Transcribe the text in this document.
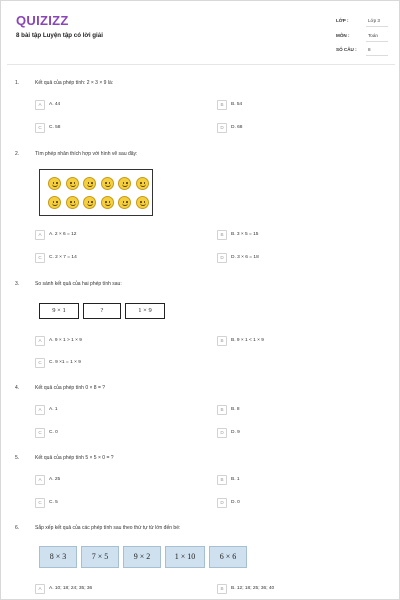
QUIZIZZ
8 bài tập Luyện tập có lời giải
LỚP :	Lớp 3
MÔN :	Toán
SỐ CÂU : 8
1.	Kết quả của phép tính: 2 × 3 × 9 là:
A	A. 44	B	B. 54
C	C. 58	D	D. 68
2.	Tìm phép nhân thích hợp với hình vẽ sau đây:
A	A. 2 × 6 = 12	B	B. 3 × 5 = 15
C	C. 2 × 7 = 14	D	D. 3 × 6 = 18
3.	So sánh kết quả của hai phép tính sau:
9 × 1	?	1 × 9
A	A. 9 × 1 > 1 × 9	B	B. 9 × 1 < 1 × 9
C	C. 9 ×1 = 1 × 9
4.	Kết quả của phép tính 0 × 8 = ?
A	A. 1	B	B. 8
C	C. 0	D	D. 9
5.	Kết quả của phép tính 5 × 5 × 0 = ?
A	A. 25	B	B. 1
C	C. 5	D	D. 0
6.	Sắp xếp kết quả của các phép tính sau theo thứ tự từ lớn đến bé:
8 × 3	7 × 5	9 × 2	1 × 10	6 × 6
A	A. 10; 18; 24; 35; 36	B	B. 12; 18; 25; 36; 40
